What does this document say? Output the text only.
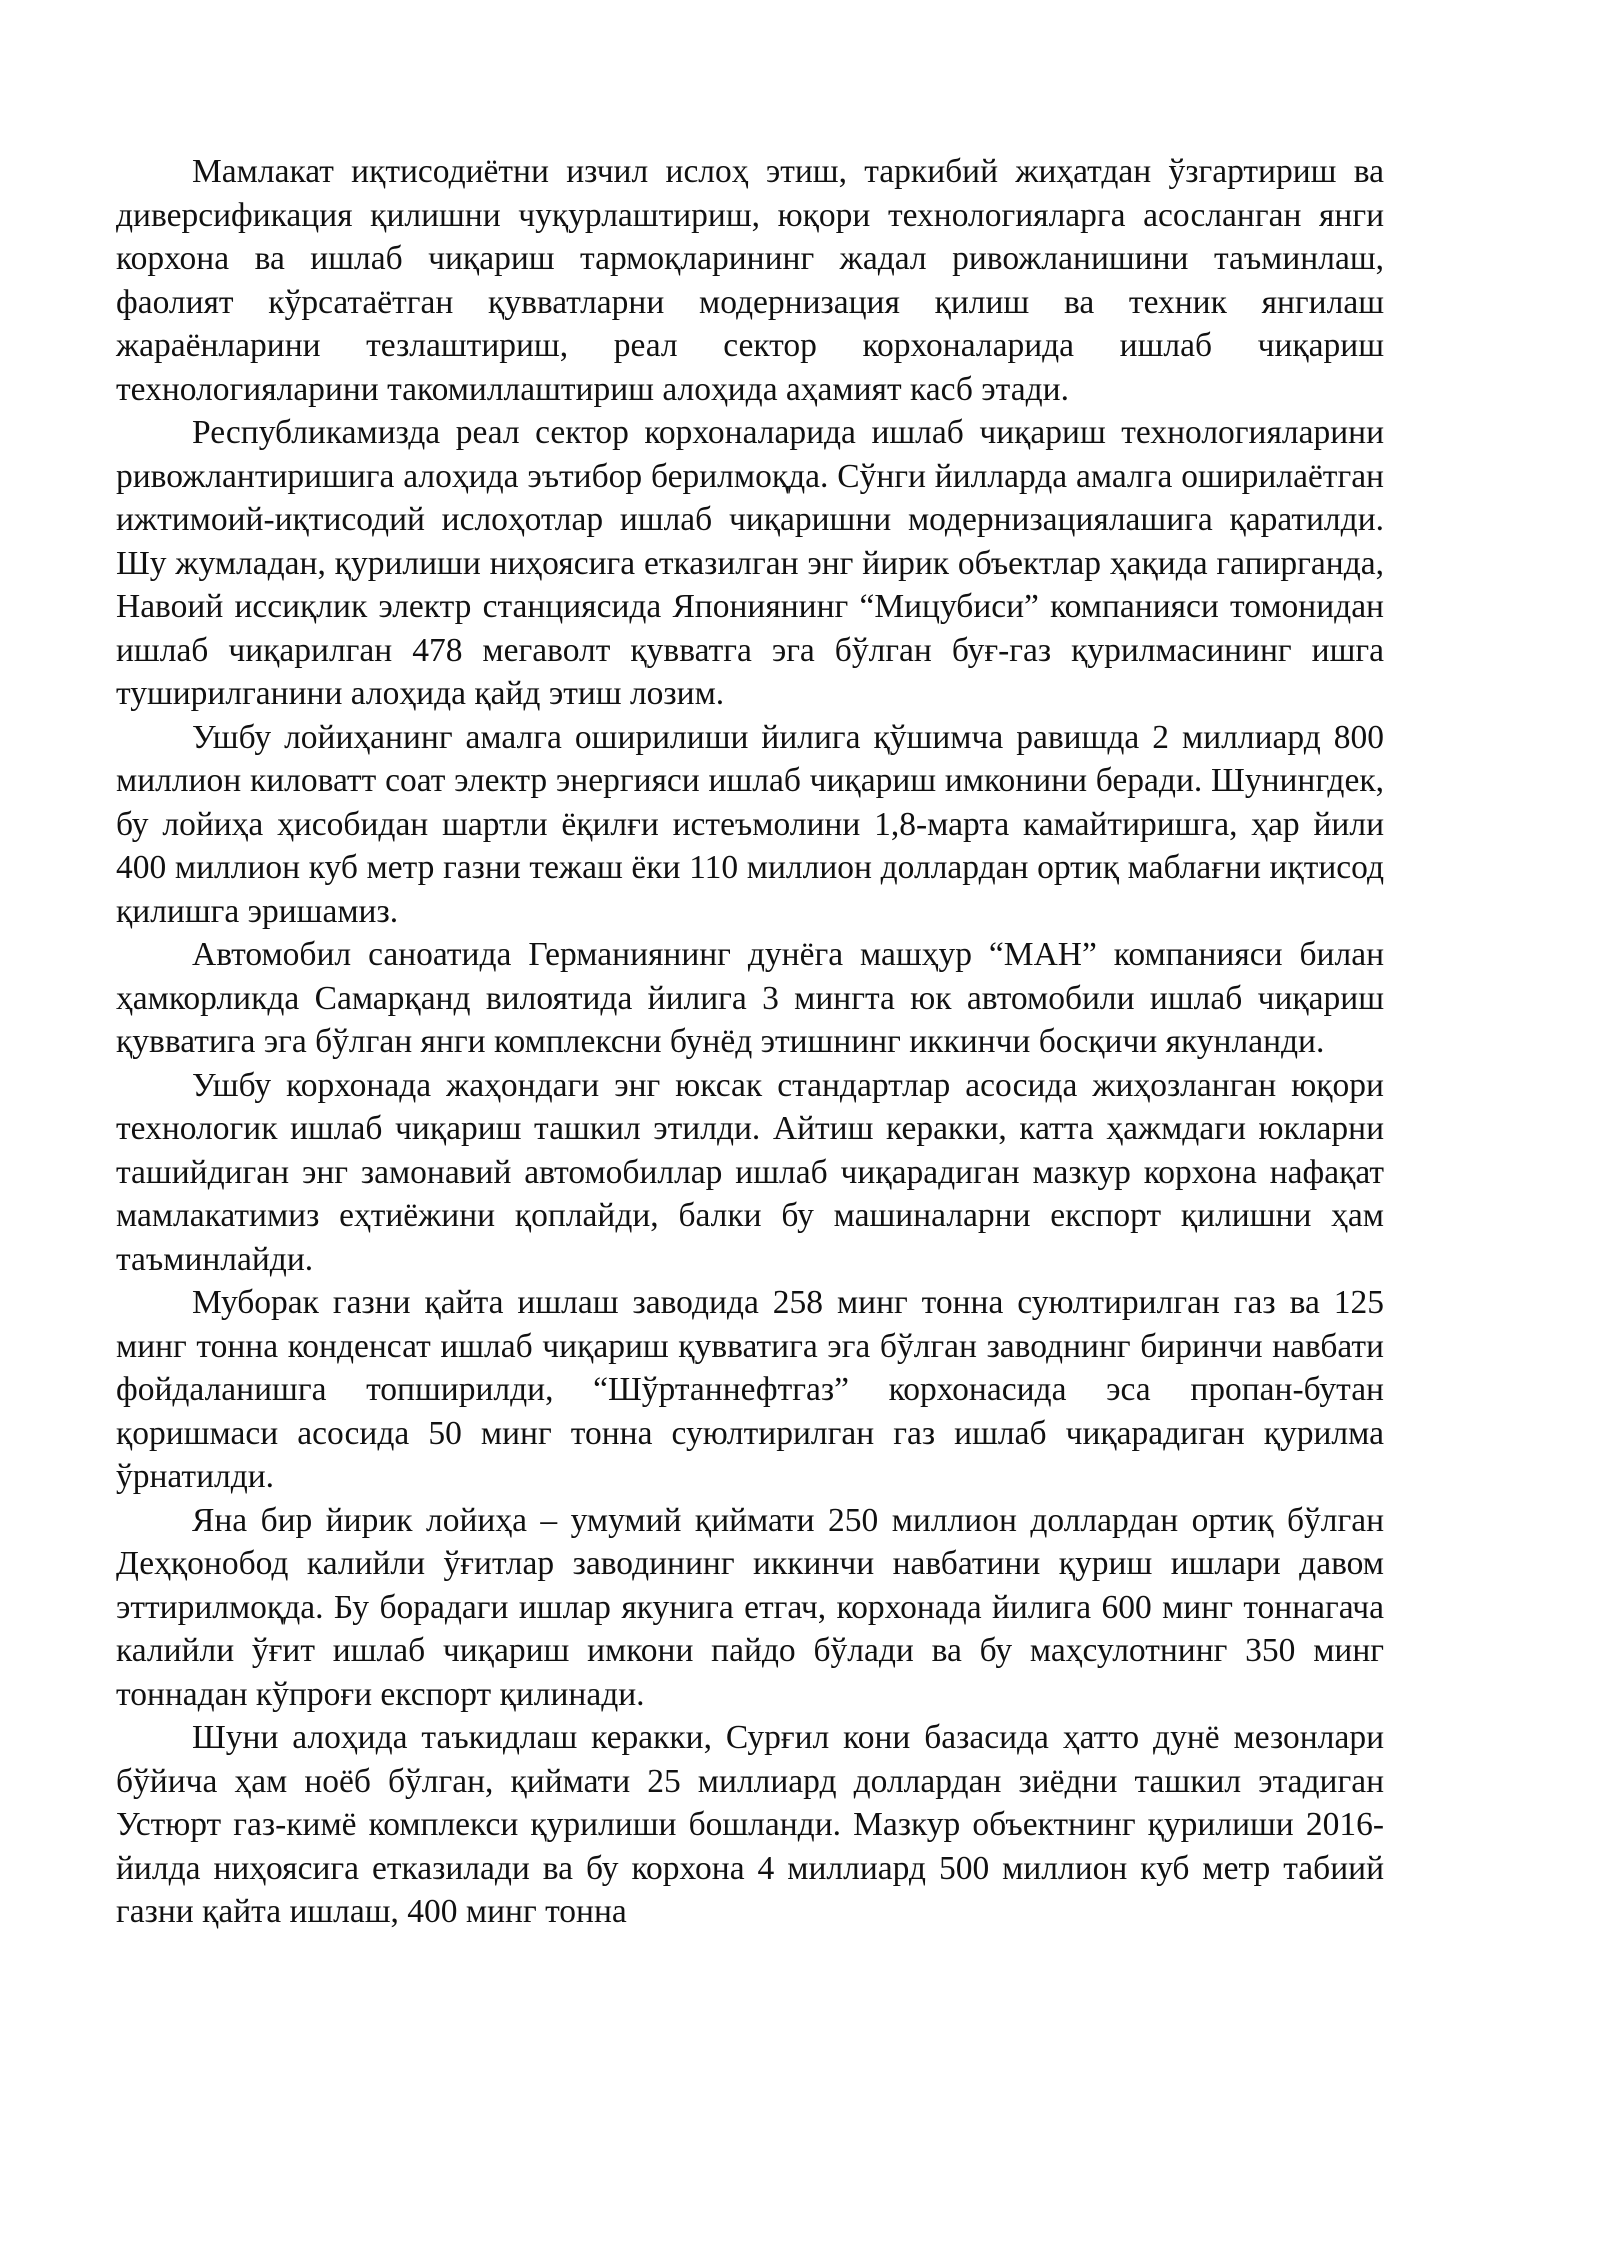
Мамлакат иқтисодиётни изчил ислоҳ этиш, таркибий жиҳатдан ўзгартириш ва диверсификация қилишни чуқурлаштириш, юқори технологияларга асосланган янги корхона ва ишлаб чиқариш тармоқларининг жадал ривожланишини таъминлаш, фаолият кўрсатаётган қувватларни модернизация қилиш ва техник янгилаш жараёнларини тезлаштириш, реал сектор корхоналарида ишлаб чиқариш технологияларини такомиллаштириш алоҳида аҳамият касб этади.

Республикамизда реал сектор корхоналарида ишлаб чиқариш технологияларини ривожлантиришига алоҳида эътибор берилмоқда. Сўнги йилларда амалга оширилаётган ижтимоий-иқтисодий ислоҳотлар ишлаб чиқаришни модернизациялашига қаратилди. Шу жумладан, қурилиши ниҳоясига етказилган энг йирик объектлар ҳақида гапирганда, Навоий иссиқлик электр станциясида Япониянинг “Мицубиси” компанияси томонидан ишлаб чиқарилган 478 мегаволт қувватга эга бўлган буғ-газ қурилмасининг ишга туширилганини алоҳида қайд этиш лозим.

Ушбу лойиҳанинг амалга оширилиши йилига қўшимча равишда 2 миллиард 800 миллион киловатт соат электр энергияси ишлаб чиқариш имконини беради. Шунингдек, бу лойиҳа ҳисобидан шартли ёқилғи истеъмолини 1,8-марта камайтиришга, ҳар йили 400 миллион куб метр газни тежаш ёки 110 миллион доллардан ортиқ маблағни иқтисод қилишга эришамиз.

Автомобил саноатида Германиянинг дунёга машҳур “МАН” компанияси билан ҳамкорликда Самарқанд вилоятида йилига 3 мингта юк автомобили ишлаб чиқариш қувватига эга бўлган янги комплексни бунёд этишнинг иккинчи босқичи якунланди.

Ушбу корхонада жаҳондаги энг юксак стандартлар асосида жиҳозланган юқори технологик ишлаб чиқариш ташкил этилди. Айтиш керакки, катта ҳажмдаги юкларни ташийдиган энг замонавий автомобиллар ишлаб чиқарадиган мазкур корхона нафақат мамлакатимиз еҳтиёжини қоплайди, балки бу машиналарни експорт қилишни ҳам таъминлайди.

Муборак газни қайта ишлаш заводида 258 минг тонна суюлтирилган газ ва 125 минг тонна конденсат ишлаб чиқариш қувватига эга бўлган заводнинг биринчи навбати фойдаланишга топширилди, “Шўртаннефтгаз” корхонасида эса пропан-бутан қоришмаси асосида 50 минг тонна суюлтирилган газ ишлаб чиқарадиган қурилма ўрнатилди.

Яна бир йирик лойиҳа – умумий қиймати 250 миллион доллардан ортиқ бўлган Деҳқонобод калийли ўғитлар заводининг иккинчи навбатини қуриш ишлари давом эттирилмоқда. Бу борадаги ишлар якунига етгач, корхонада йилига 600 минг тоннагача калийли ўғит ишлаб чиқариш имкони пайдо бўлади ва бу маҳсулотнинг 350 минг тоннадан кўпроғи експорт қилинади.

Шуни алоҳида таъкидлаш керакки, Сурғил кони базасида ҳатто дунё мезонлари бўйича ҳам ноёб бўлган, қиймати 25 миллиард доллардан зиёдни ташкил этадиган Устюрт газ-кимё комплекси қурилиши бошланди. Мазкур объектнинг қурилиши 2016-йилда ниҳоясига етказилади ва бу корхона 4 миллиард 500 миллион куб метр табиий газни қайта ишлаш, 400 минг тонна
